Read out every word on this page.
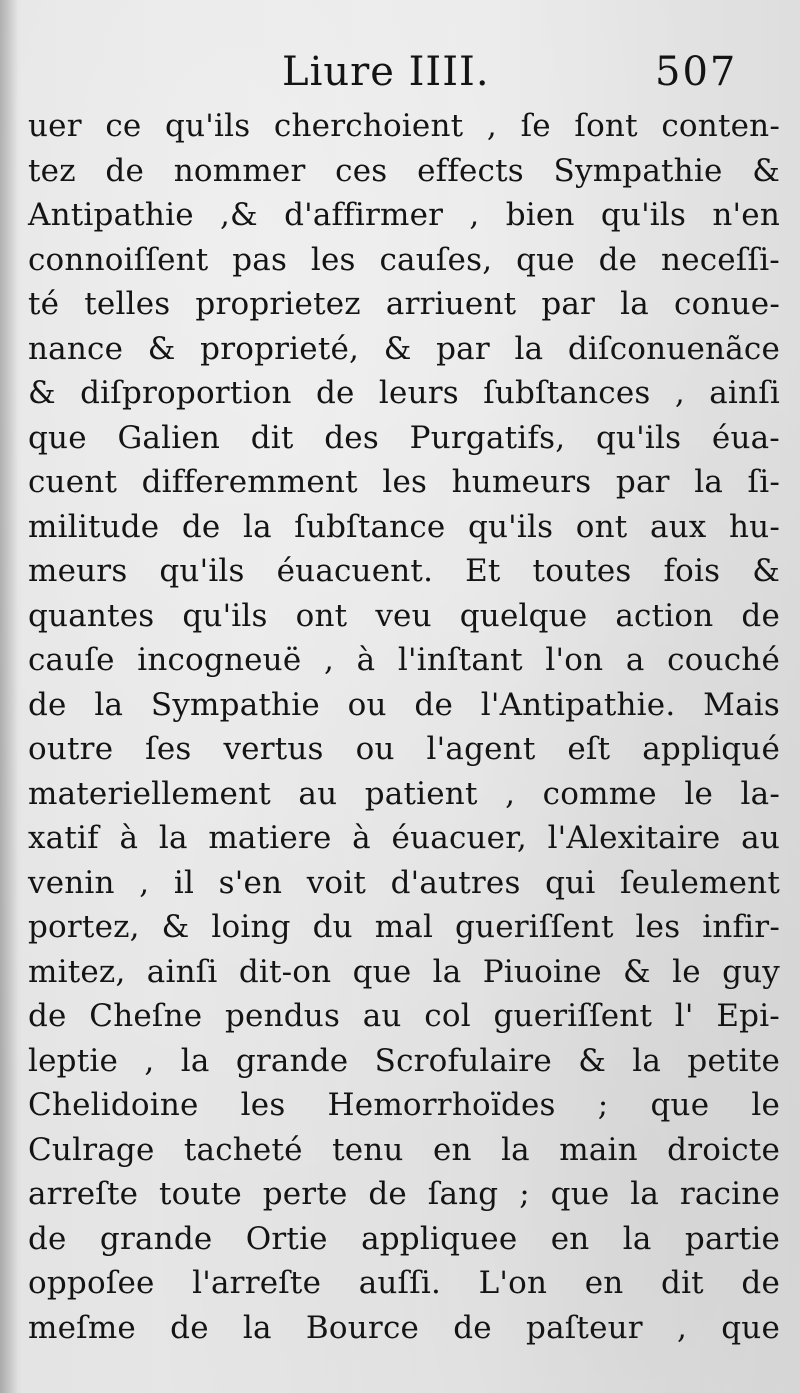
Liure IIII.	507
uer ce qu'ils cherchoient , ſe ſont conten-
tez de nommer ces effects Sympathie &
Antipathie ,& d'affirmer , bien qu'ils n'en
connoiſſent pas les cauſes, que de neceſſi-
té telles proprietez arriuent par la conue-
nance & proprieté, & par la diſconuenãce
& diſproportion de leurs ſubſtances , ainſi
que Galien dit des Purgatifs, qu'ils éua-
cuent differemment les humeurs par la ſi-
militude de la ſubſtance qu'ils ont aux hu-
meurs qu'ils éuacuent. Et toutes fois &
quantes qu'ils ont veu quelque action de
cauſe incogneuë , à l'inſtant l'on a couché
de la Sympathie ou de l'Antipathie. Mais
outre ſes vertus ou l'agent eſt appliqué
materiellement au patient , comme le la-
xatif à la matiere à éuacuer, l'Alexitaire au
venin , il s'en voit d'autres qui ſeulement
portez, & loing du mal gueriſſent les infir-
mitez, ainſi dit-on que la Piuoine & le guy
de Cheſne pendus au col gueriſſent l' Epi-
leptie , la grande Scrofulaire & la petite
Chelidoine les Hemorrhoïdes ; que le
Culrage tacheté tenu en la main droicte
arreſte toute perte de ſang ; que la racine
de grande Ortie appliquee en la partie
oppoſee l'arreſte auſſi. L'on en dit de
meſme de la Bource de paſteur , que
